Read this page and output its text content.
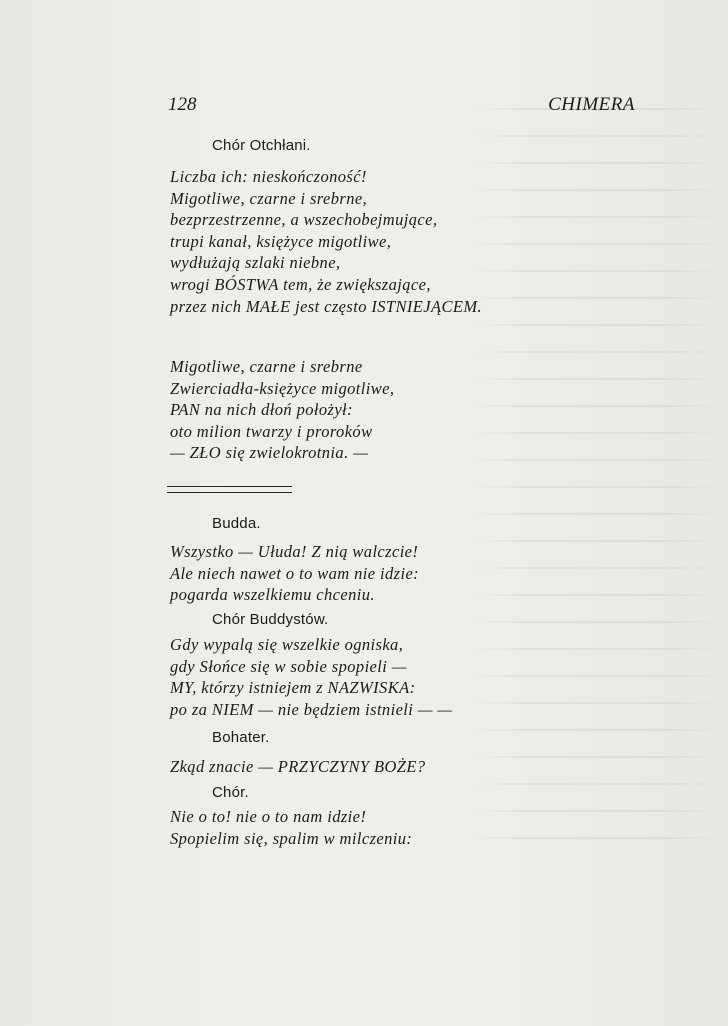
128	CHIMERA
Chór Otchłani.
Liczba ich: nieskończoność!
Migotliwe, czarne i srebrne,
bezprzestrzenne, a wszechobejmujące,
trupi kanał, księżyce migotliwe,
wydłużają szlaki niebne,
wrogi BÓSTWA tem, że zwiększające,
przez nich MAŁE jest często ISTNIEJĄCEM.
Migotliwe, czarne i srebrne
Zwierciadła-księżyce migotliwe,
PAN na nich dłoń położył:
oto milion twarzy i proroków
— ZŁO się zwielokrotnia. —
Budda.
Wszystko — Ułuda! Z nią walczcie!
Ale niech nawet o to wam nie idzie:
pogarda wszelkiemu chceniu.
Chór Buddystów.
Gdy wypalą się wszelkie ogniska,
gdy Słońce się w sobie spopieli —
MY, którzy istniejem z NAZWISKA:
po za NIEM — nie będziem istnieli — —
Bohater.
Zkąd znacie — PRZYCZYNY BOŻE?
Chór.
Nie o to! nie o to nam idzie!
Spopielim się, spalim w milczeniu:
